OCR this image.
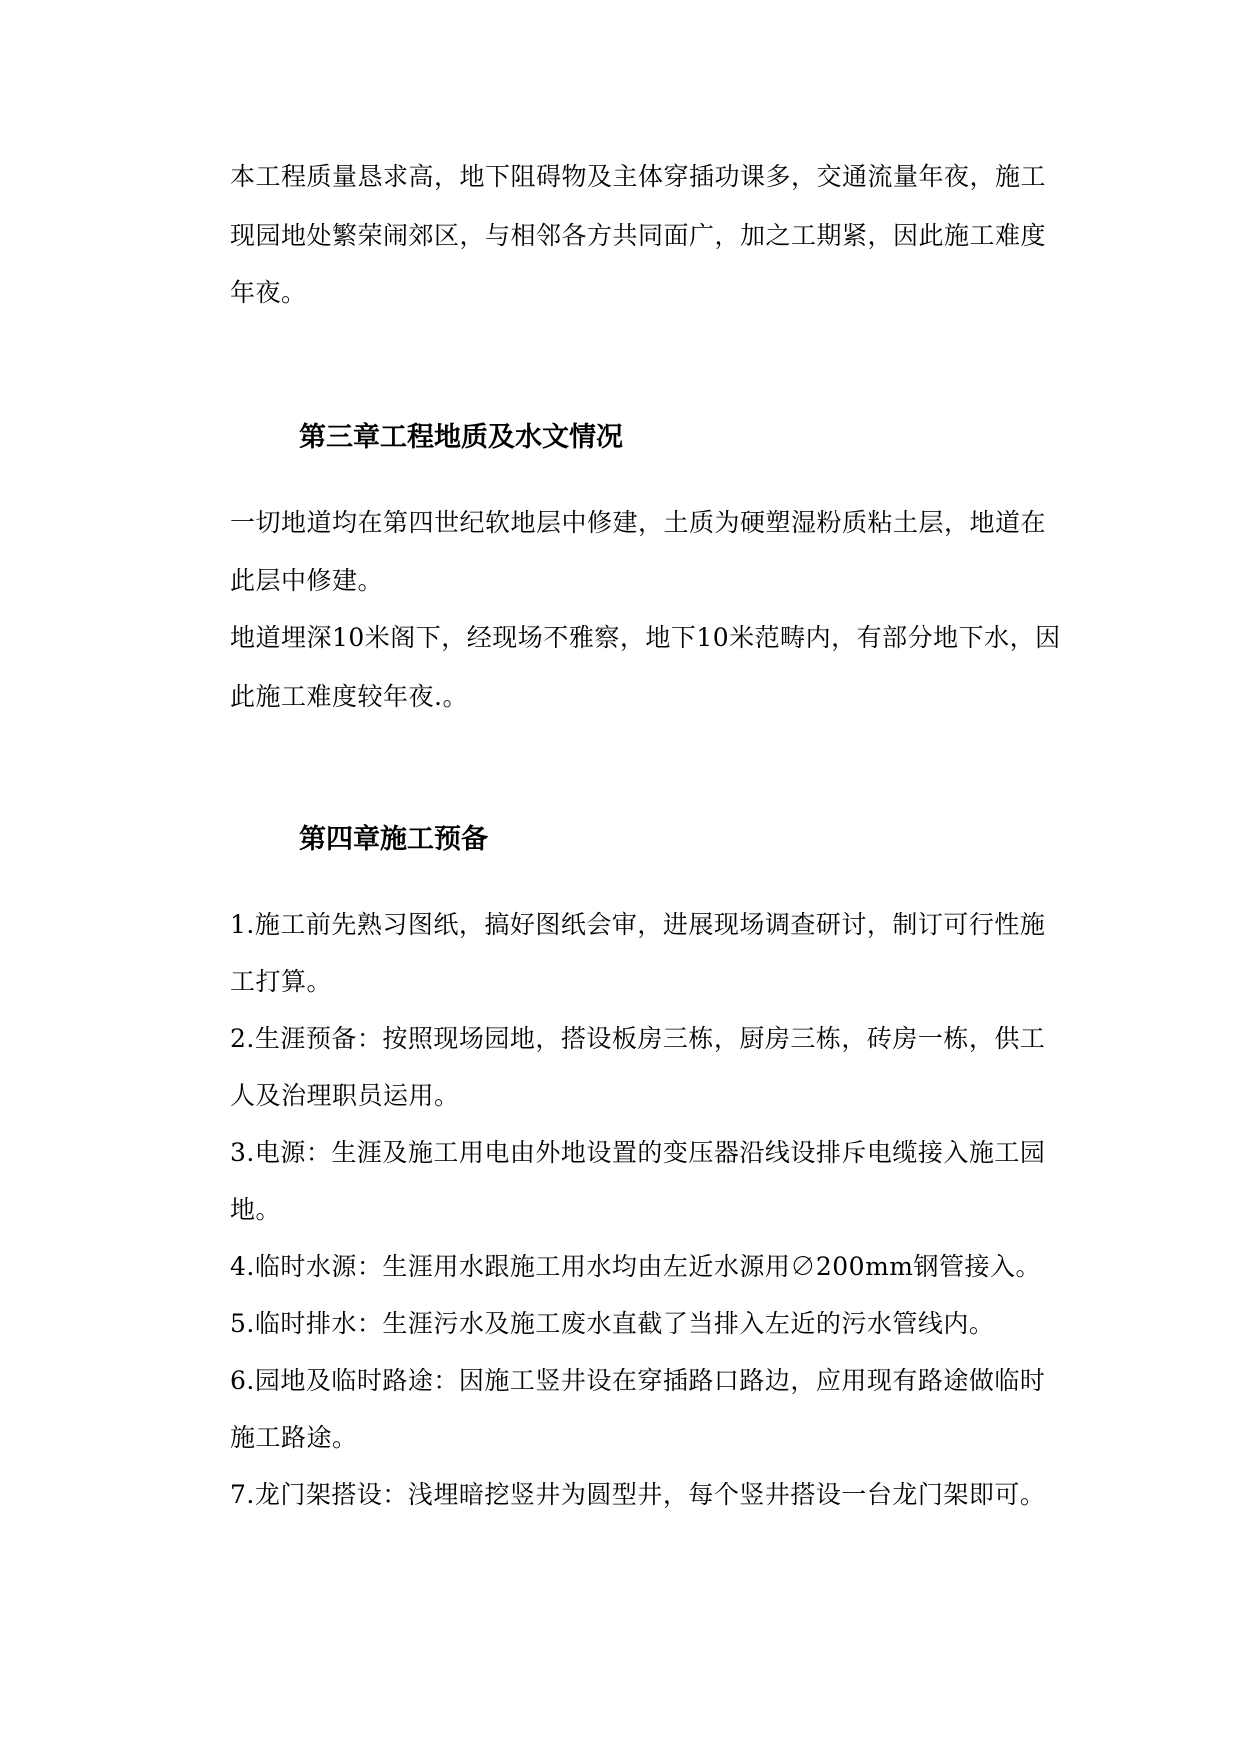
本工程质量恳求高，地下阻碍物及主体穿插功课多，交通流量年夜，施工
现园地处繁荣闹郊区，与相邻各方共同面广，加之工期紧，因此施工难度
年夜。
第三章工程地质及水文情况
一切地道均在第四世纪软地层中修建，土质为硬塑湿粉质粘土层，地道在
此层中修建。
地道埋深10米阁下，经现场不雅察，地下10米范畴内，有部分地下水，因
此施工难度较年夜.。
第四章施工预备
1.施工前先熟习图纸，搞好图纸会审，进展现场调查研讨，制订可行性施
工打算。
2.生涯预备：按照现场园地，搭设板房三栋，厨房三栋，砖房一栋，供工
人及治理职员运用。
3.电源：生涯及施工用电由外地设置的变压器沿线设排斥电缆接入施工园
地。
4.临时水源：生涯用水跟施工用水均由左近水源用∅200mm钢管接入。
5.临时排水：生涯污水及施工废水直截了当排入左近的污水管线内。
6.园地及临时路途：因施工竖井设在穿插路口路边，应用现有路途做临时
施工路途。
7.龙门架搭设：浅埋暗挖竖井为圆型井，每个竖井搭设一台龙门架即可。
